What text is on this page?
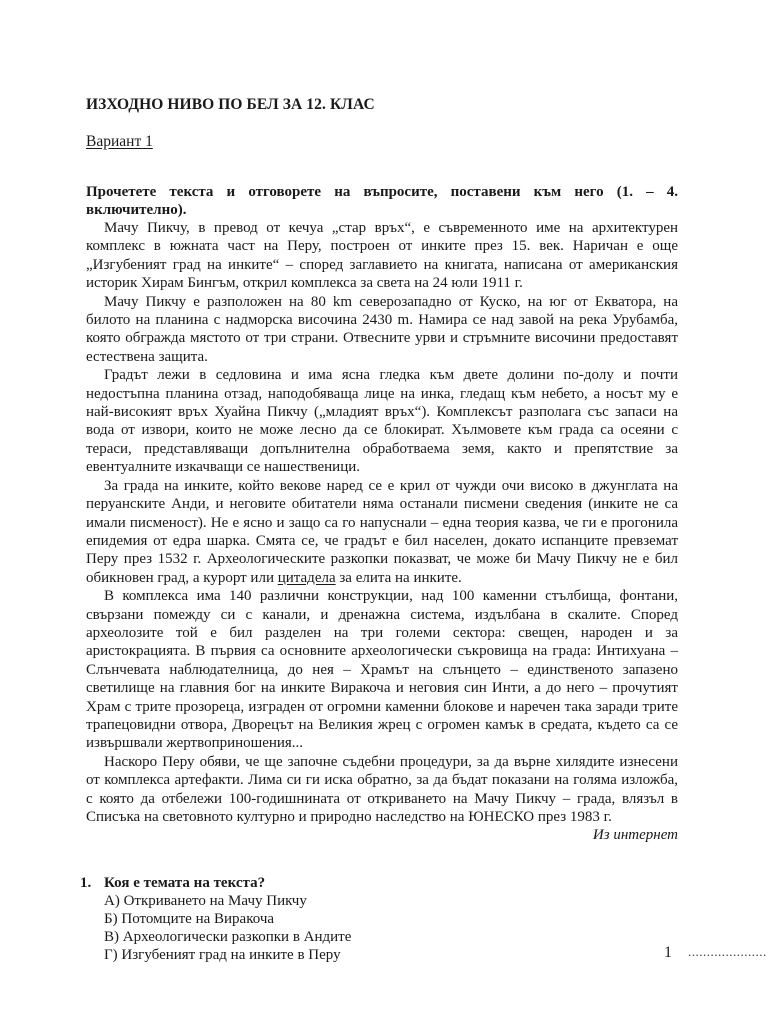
ИЗХОДНО НИВО ПО БЕЛ ЗА 12. КЛАС
Вариант 1
Прочетете текста и отговорете на въпросите, поставени към него (1. – 4. включително).

Мачу Пикчу, в превод от кечуа „стар връх“, е съвременното име на архитектурен комплекс в южната част на Перу, построен от инките през 15. век. Наричан е още „Изгубеният град на инките“ – според заглавието на книгата, написана от американския историк Хирам Бингъм, открил комплекса за света на 24 юли 1911 г.

Мачу Пикчу е разположен на 80 km северозападно от Куско, на юг от Екватора, на билото на планина с надморска височина 2430 m. Намира се над завой на река Урубамба, която обгражда мястото от три страни. Отвесните урви и стръмните височини предоставят естествена защита.

Градът лежи в седловина и има ясна гледка към двете долини по-долу и почти недостъпна планина отзад, наподобяваща лице на инка, гледащ към небето, а носът му е най-високият връх Хуайна Пикчу („младият връх“). Комплексът разполага със запаси на вода от извори, които не може лесно да се блокират. Хълмовете към града са осеяни с тераси, представляващи допълнителна обработваема земя, както и препятствие за евентуалните изкачващи се нашественици.

За града на инките, който векове наред се е крил от чужди очи високо в джунглата на перуанските Анди, и неговите обитатели няма останали писмени сведения (инките не са имали писменост). Не е ясно и защо са го напуснали – една теория казва, че ги е прогонила епидемия от едра шарка. Смята се, че градът е бил населен, докато испанците превземат Перу през 1532 г. Археологическите разкопки показват, че може би Мачу Пикчу не е бил обикновен град, а курорт или цитадела за елита на инките.

В комплекса има 140 различни конструкции, над 100 каменни стълбища, фонтани, свързани помежду си с канали, и дренажна система, издълбана в скалите. Според археолозите той е бил разделен на три големи сектора: свещен, народен и за аристокрацията. В първия са основните археологически съкровища на града: Интихуана – Слънчевата наблюдателница, до нея – Храмът на слънцето – единственото запазено светилище на главния бог на инките Виракоча и неговия син Инти, а до него – прочутият Храм с трите прозореца, изграден от огромни каменни блокове и наречен така заради трите трапецовидни отвора, Дворецът на Великия жрец с огромен камък в средата, където са се извършвали жертвоприношения...

Наскоро Перу обяви, че ще започне съдебни процедури, за да върне хилядите изнесени от комплекса артефакти. Лима си ги иска обратно, за да бъдат показани на голяма изложба, с която да отбележи 100-годишнината от откриването на Мачу Пикчу – града, влязъл в Списъка на световното културно и природно наследство на ЮНЕСКО през 1983 г.

Из интернет
1. Коя е темата на текста?
А) Откриването на Мачу Пикчу
Б) Потомците на Виракоча
В) Археологически разкопки в Андите
Г) Изгубеният град на инките в Перу	1 .....................
